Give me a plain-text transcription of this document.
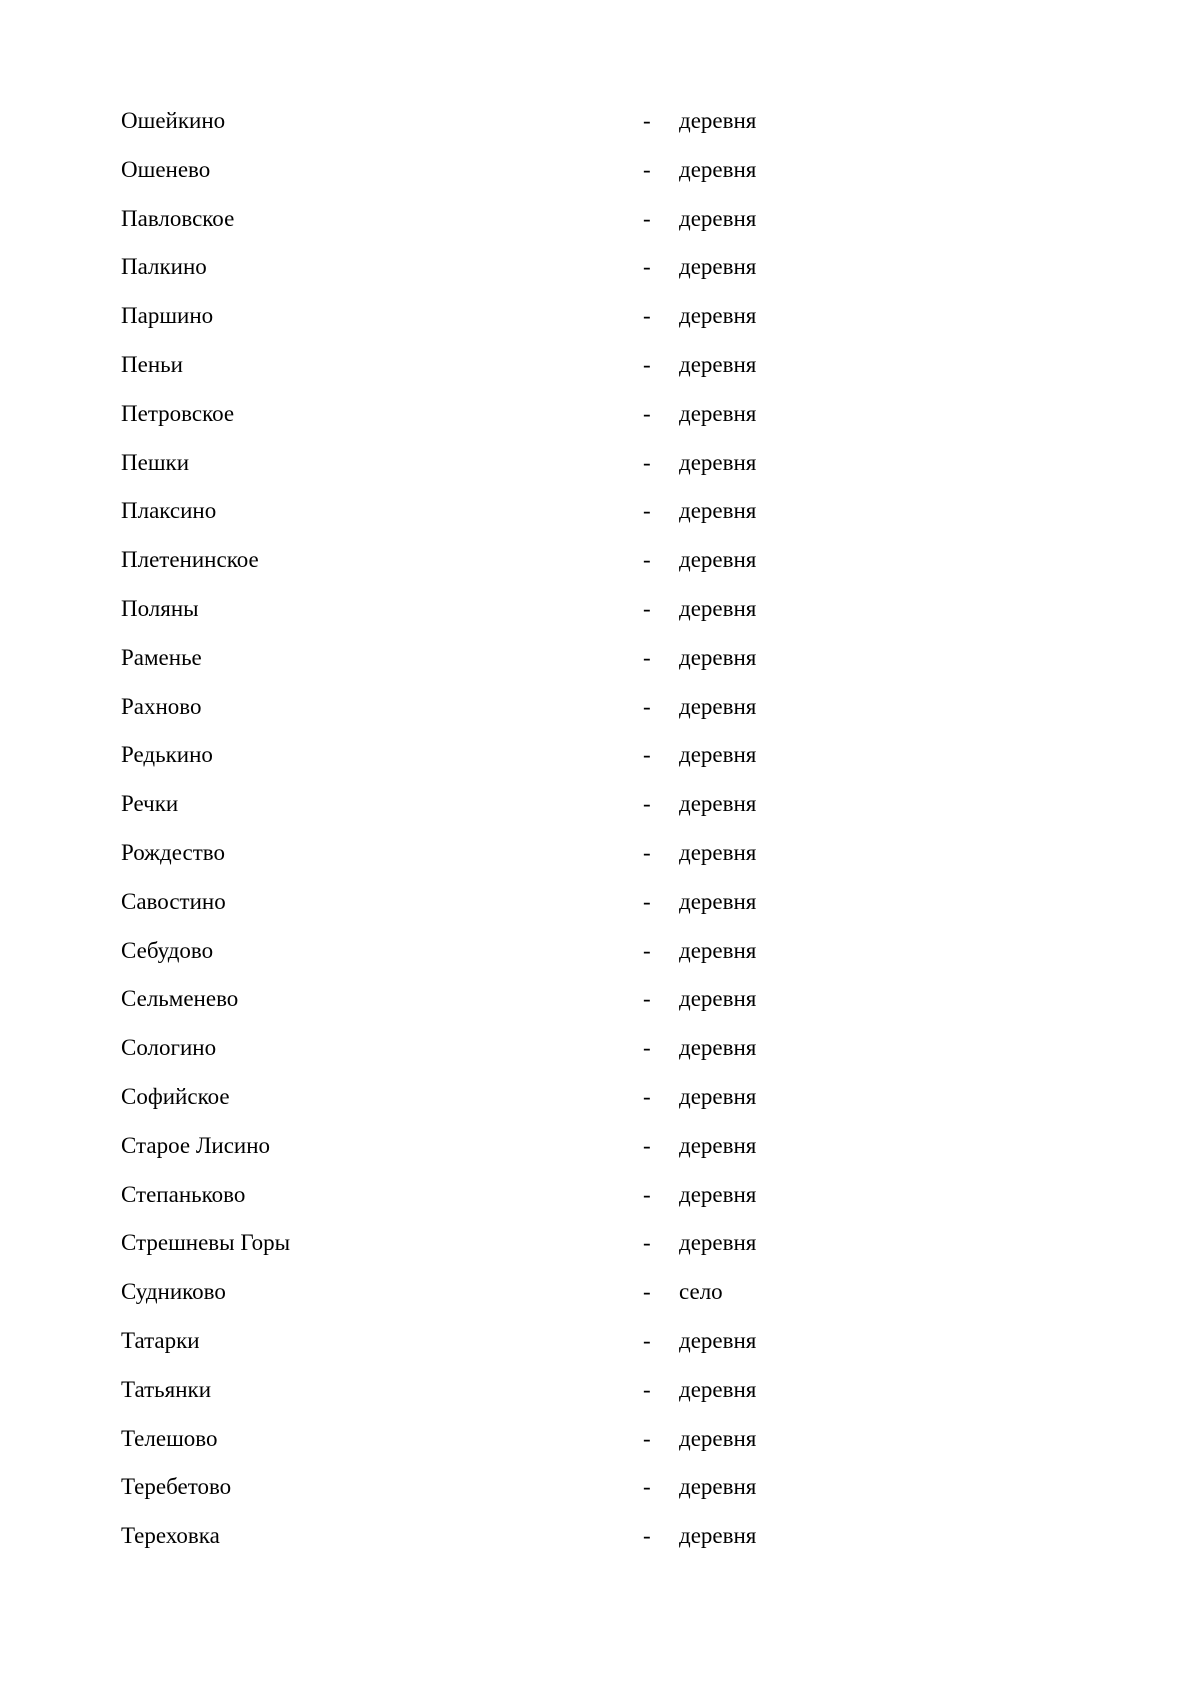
Ошейкино	- деревня
Ошенево	- деревня
Павловское	- деревня
Палкино	- деревня
Паршино	- деревня
Пеньи	- деревня
Петровское	- деревня
Пешки	- деревня
Плаксино	- деревня
Плетенинское	- деревня
Поляны	- деревня
Раменье	- деревня
Рахново	- деревня
Редькино	- деревня
Речки	- деревня
Рождество	- деревня
Савостино	- деревня
Себудово	- деревня
Сельменево	- деревня
Сологино	- деревня
Софийское	- деревня
Старое Лисино	- деревня
Степаньково	- деревня
Стрешневы Горы	- деревня
Судниково	- село
Татарки	- деревня
Татьянки	- деревня
Телешово	- деревня
Теребетово	- деревня
Тереховка	- деревня
